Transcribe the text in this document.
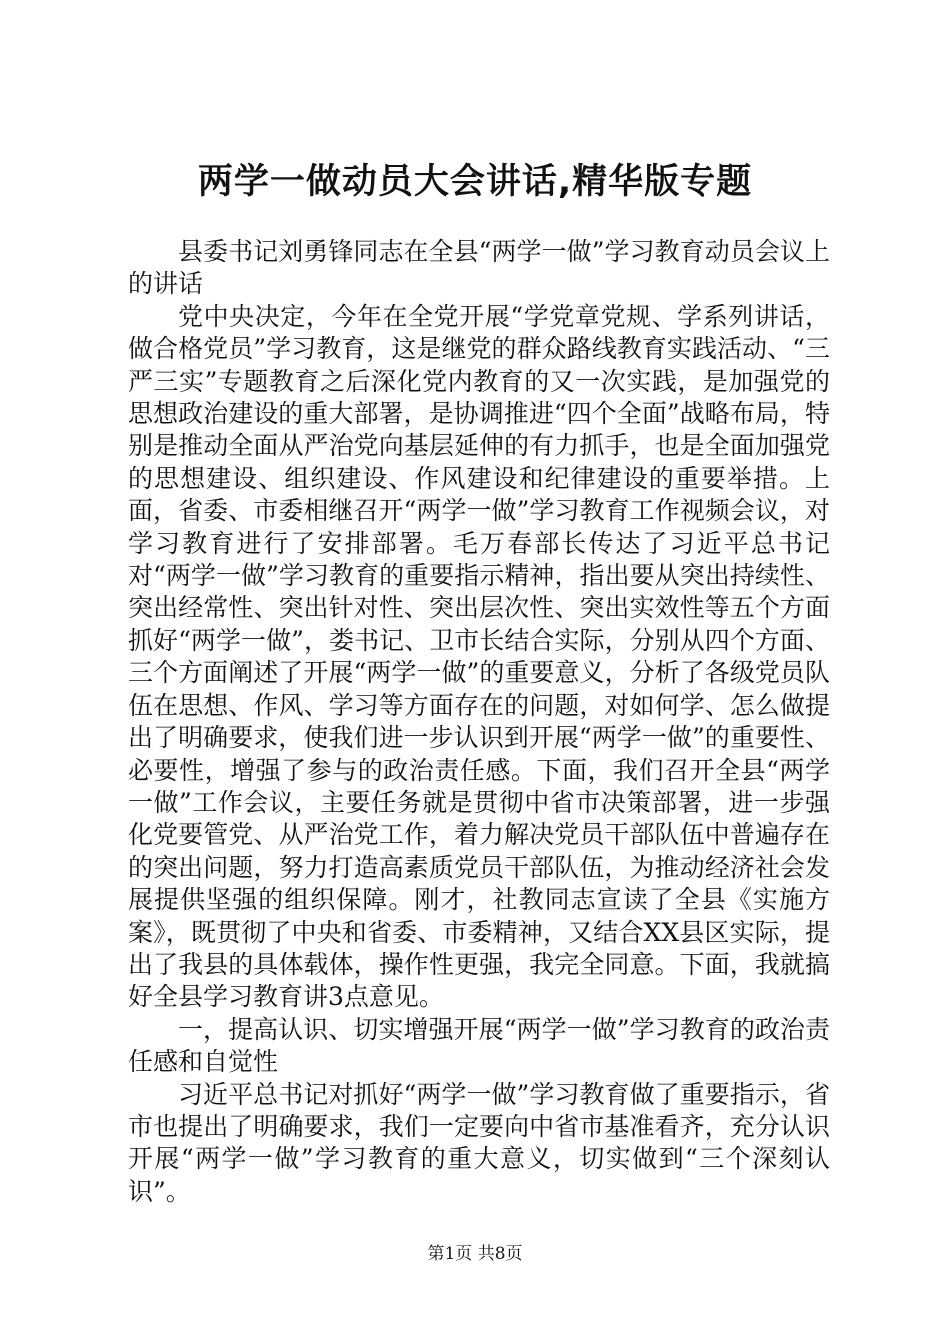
两学一做动员大会讲话,精华版专题

县委书记刘勇锋同志在全县“两学一做”学习教育动员会议上的讲话

党中央决定，今年在全党开展“学党章党规、学系列讲话，做合格党员”学习教育，这是继党的群众路线教育实践活动、“三严三实”专题教育之后深化党内教育的又一次实践，是加强党的思想政治建设的重大部署，是协调推进“四个全面”战略布局，特别是推动全面从严治党向基层延伸的有力抓手，也是全面加强党的思想建设、组织建设、作风建设和纪律建设的重要举措。上面，省委、市委相继召开“两学一做”学习教育工作视频会议，对学习教育进行了安排部署。毛万春部长传达了习近平总书记对“两学一做”学习教育的重要指示精神，指出要从突出持续性、突出经常性、突出针对性、突出层次性、突出实效性等五个方面抓好“两学一做”，娄书记、卫市长结合实际，分别从四个方面、三个方面阐述了开展“两学一做”的重要意义，分析了各级党员队伍在思想、作风、学习等方面存在的问题，对如何学、怎么做提出了明确要求，使我们进一步认识到开展“两学一做”的重要性、必要性，增强了参与的政治责任感。下面，我们召开全县“两学一做”工作会议，主要任务就是贯彻中省市决策部署，进一步强化党要管党、从严治党工作，着力解决党员干部队伍中普遍存在的突出问题，努力打造高素质党员干部队伍，为推动经济社会发展提供坚强的组织保障。刚才，社教同志宣读了全县《实施方案》，既贯彻了中央和省委、市委精神，又结合XX县区实际，提出了我县的具体载体，操作性更强，我完全同意。下面，我就搞好全县学习教育讲3点意见。

一，提高认识、切实增强开展“两学一做”学习教育的政治责任感和自觉性

习近平总书记对抓好“两学一做”学习教育做了重要指示，省市也提出了明确要求，我们一定要向中省市基准看齐，充分认识开展“两学一做”学习教育的重大意义，切实做到“三个深刻认识”。

第1页 共8页
